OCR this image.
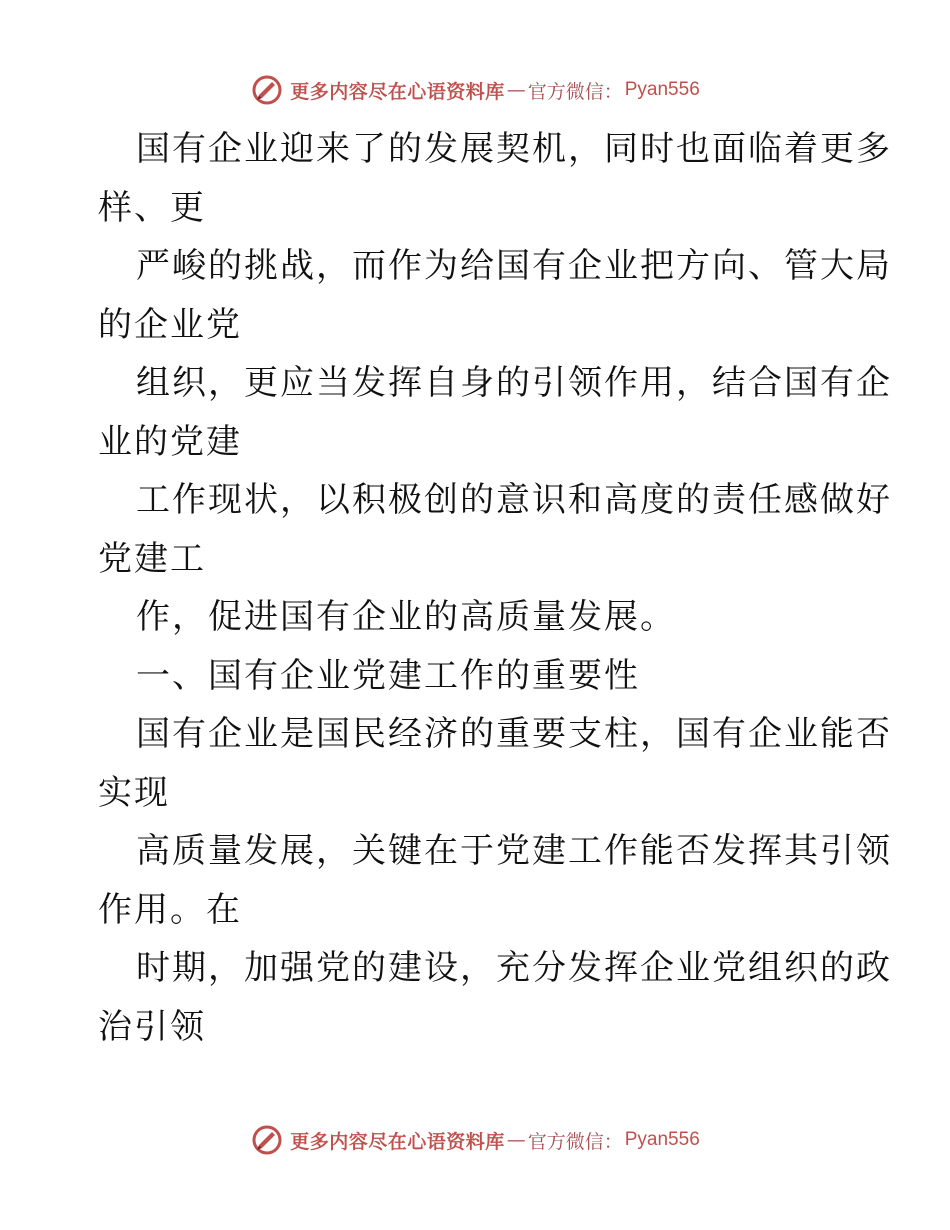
更多内容尽在心语资料库 — 官方微信： Pyan556
国有企业迎来了的发展契机，同时也面临着更多
样、更
严峻的挑战，而作为给国有企业把方向、管大局
的企业党
组织，更应当发挥自身的引领作用，结合国有企
业的党建
工作现状，以积极创的意识和高度的责任感做好
党建工
作，促进国有企业的高质量发展。
一、国有企业党建工作的重要性
国有企业是国民经济的重要支柱，国有企业能否
实现
高质量发展，关键在于党建工作能否发挥其引领
作用。在
时期，加强党的建设，充分发挥企业党组织的政
治引领
更多内容尽在心语资料库 — 官方微信： Pyan556
